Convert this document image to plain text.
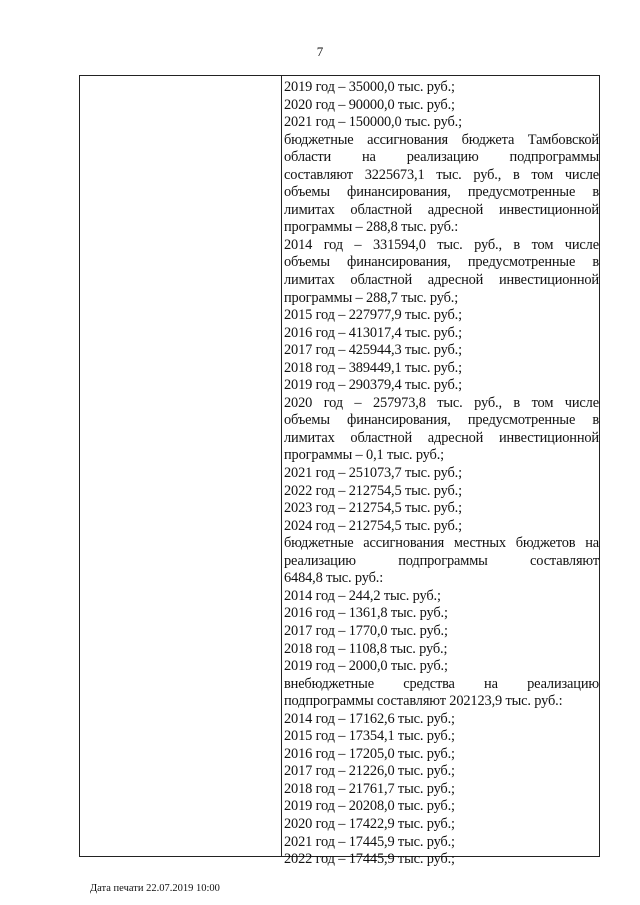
7
2019 год – 35000,0 тыс. руб.;
2020 год – 90000,0 тыс. руб.;
2021 год – 150000,0 тыс. руб.;
бюджетные ассигнования бюджета Тамбовской
области на реализацию подпрограммы
составляют 3225673,1 тыс. руб., в том числе
объемы финансирования, предусмотренные в
лимитах областной адресной инвестиционной
программы – 288,8 тыс. руб.:
2014 год – 331594,0 тыс. руб., в том числе
объемы финансирования, предусмотренные в
лимитах областной адресной инвестиционной
программы – 288,7 тыс. руб.;
2015 год – 227977,9 тыс. руб.;
2016 год – 413017,4 тыс. руб.;
2017 год – 425944,3 тыс. руб.;
2018 год – 389449,1 тыс. руб.;
2019 год – 290379,4 тыс. руб.;
2020 год – 257973,8 тыс. руб., в том числе
объемы финансирования, предусмотренные в
лимитах областной адресной инвестиционной
программы – 0,1 тыс. руб.;
2021 год – 251073,7 тыс. руб.;
2022 год – 212754,5 тыс. руб.;
2023 год – 212754,5 тыс. руб.;
2024 год – 212754,5 тыс. руб.;
бюджетные ассигнования местных бюджетов на
реализацию	подпрограммы	составляют
6484,8 тыс. руб.:
2014 год – 244,2 тыс. руб.;
2016 год – 1361,8 тыс. руб.;
2017 год – 1770,0 тыс. руб.;
2018 год – 1108,8 тыс. руб.;
2019 год – 2000,0 тыс. руб.;
внебюджетные средства на реализацию
подпрограммы составляют 202123,9 тыс. руб.:
2014 год – 17162,6 тыс. руб.;
2015 год – 17354,1 тыс. руб.;
2016 год – 17205,0 тыс. руб.;
2017 год – 21226,0 тыс. руб.;
2018 год – 21761,7 тыс. руб.;
2019 год – 20208,0 тыс. руб.;
2020 год – 17422,9 тыс. руб.;
2021 год – 17445,9 тыс. руб.;
2022 год – 17445,9 тыс. руб.;
Дата печати 22.07.2019 10:00
